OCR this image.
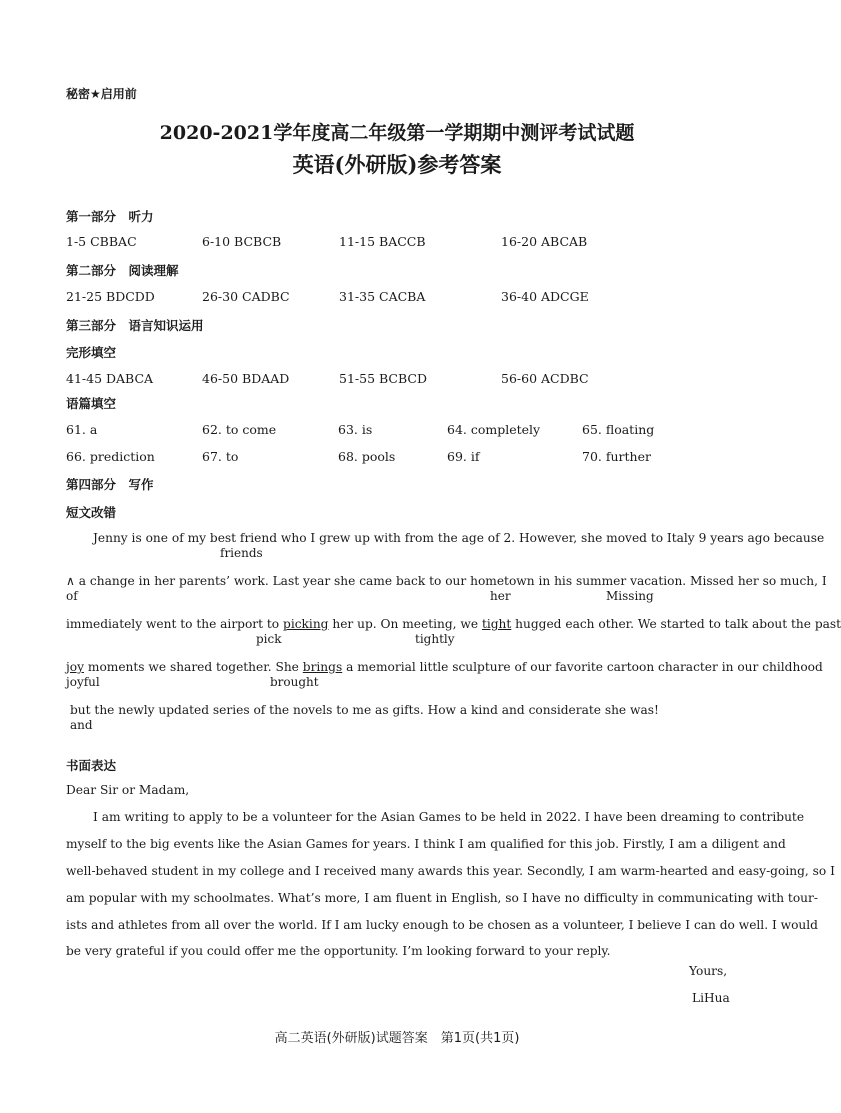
秘密★启用前
2020-2021学年度高二年级第一学期期中测评考试试题
英语(外研版)参考答案
第一部分　听力
1-5 CBBAC	6-10 BCBCB	11-15 BACCB	16-20 ABCAB
第二部分　阅读理解
21-25 BDCDD	26-30 CADBC	31-35 CACBA	36-40 ADCGE
第三部分　语言知识运用
完形填空
41-45 DABCA	46-50 BDAAD	51-55 BCBCD	56-60 ACDBC
语篇填空
61. a	62. to come	63. is	64. completely	65. floating
66. prediction	67. to	68. pools	69. if	70. further
第四部分　写作
短文改错
Jenny is one of my best friend who I grew up with from the age of 2. However, she moved to Italy 9 years ago because
friends
∧ a change in her parents’ work. Last year she came back to our hometown in his summer vacation. Missed her so much, I
of	her	Missing
immediately went to the airport to picking her up. On meeting, we tight hugged each other. We started to talk about the past
pick	tightly
joy moments we shared together. She brings a memorial little sculpture of our favorite cartoon character in our childhood
joyful	brought
but the newly updated series of the novels to me as gifts. How a kind and considerate she was!
and
书面表达
Dear Sir or Madam,
I am writing to apply to be a volunteer for the Asian Games to be held in 2022. I have been dreaming to contribute
myself to the big events like the Asian Games for years. I think I am qualified for this job. Firstly, I am a diligent and
well-behaved student in my college and I received many awards this year. Secondly, I am warm-hearted and easy-going, so I
am popular with my schoolmates. What’s more, I am fluent in English, so I have no difficulty in communicating with tour-
ists and athletes from all over the world. If I am lucky enough to be chosen as a volunteer, I believe I can do well. I would
be very grateful if you could offer me the opportunity. I’m looking forward to your reply.
Yours,
LiHua
高二英语(外研版)试题答案　第1页(共1页)
